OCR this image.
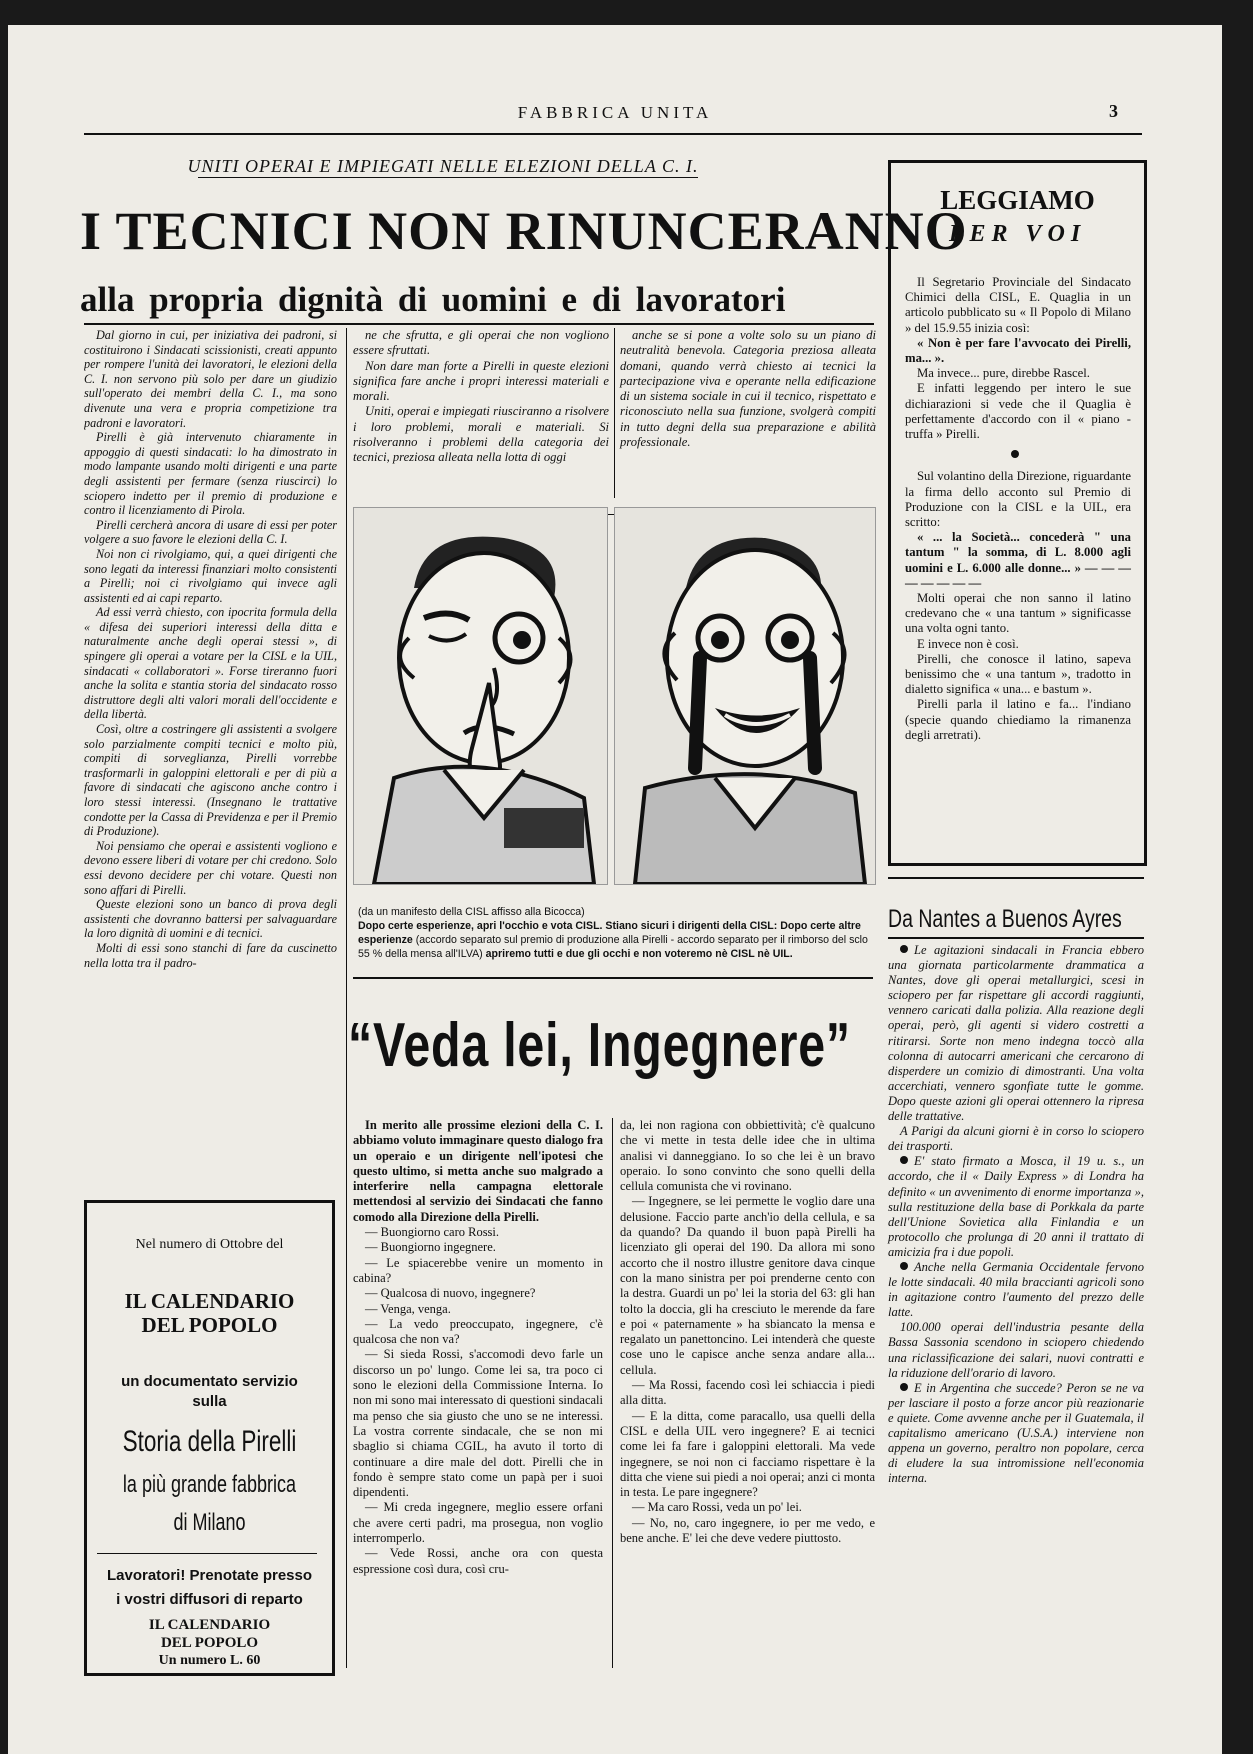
FABBRICA UNITA	3
UNITI OPERAI E IMPIEGATI NELLE ELEZIONI DELLA C. I.
I TECNICI NON RINUNCERANNO
alla propria dignità di uomini e di lavoratori

Dal giorno in cui, per iniziativa dei padroni, si costituirono i Sindacati scissionisti, creati appunto per rompere l'unità dei lavoratori, le elezioni della C. I. non servono più solo per dare un giudizio sull'operato dei membri della C. I., ma sono divenute una vera e propria competizione tra padroni e lavoratori.

Pirelli è già intervenuto chiaramente in appoggio di questi sindacati: lo ha dimostrato in modo lampante usando molti dirigenti e una parte degli assistenti per fermare (senza riuscirci) lo sciopero indetto per il premio di produzione e contro il licenziamento di Pirola.

Pirelli cercherà ancora di usare di essi per poter volgere a suo favore le elezioni della C. I.

Noi non ci rivolgiamo, qui, a quei dirigenti che sono legati da interessi finanziari molto consistenti a Pirelli; noi ci rivolgiamo qui invece agli assistenti ed ai capi reparto.

Ad essi verrà chiesto, con ipocrita formula della « difesa dei superiori interessi della ditta e naturalmente anche degli operai stessi », di spingere gli operai a votare per la CISL e la UIL, sindacati « collaboratori ». Forse tireranno fuori anche la solita e stantia storia del sindacato rosso distruttore degli alti valori morali dell'occidente e della libertà.

Così, oltre a costringere gli assistenti a svolgere solo parzialmente compiti tecnici e molto più, compiti di sorveglianza, Pirelli vorrebbe trasformarli in galoppini elettorali e per di più a favore di sindacati che agiscono anche contro i loro stessi interessi. (Insegnano le trattative condotte per la Cassa di Previdenza e per il Premio di Produzione).

Noi pensiamo che operai e assistenti vogliono e devono essere liberi di votare per chi credono. Solo essi devono decidere per chi votare. Questi non sono affari di Pirelli.

Queste elezioni sono un banco di prova degli assistenti che dovranno battersi per salvaguardare la loro dignità di uomini e di tecnici.

Molti di essi sono stanchi di fare da cuscinetto nella lotta tra il padro-

ne che sfrutta, e gli operai che non vogliono essere sfruttati.

Non dare man forte a Pirelli in queste elezioni significa fare anche i propri interessi materiali e morali.

Uniti, operai e impiegati riusciranno a risolvere i loro problemi, morali e materiali. Si risolveranno i problemi della categoria dei tecnici, preziosa alleata nella lotta di oggi

anche se si pone a volte solo su un piano di neutralità benevola. Categoria preziosa alleata domani, quando verrà chiesto ai tecnici la partecipazione viva e operante nella edificazione di un sistema sociale in cui il tecnico, rispettato e riconosciuto nella sua funzione, svolgerà compiti in tutto degni della sua preparazione e abilità professionale.

(da un manifesto della CISL affisso alla Bicocca)
Dopo certe esperienze, apri l'occhio e vota CISL. Stiano sicuri i dirigenti della CISL: Dopo certe altre esperienze (accordo separato sul premio di produzione alla Pirelli - accordo separato per il rimborso del sclo 55 % della mensa all'ILVA) apriremo tutti e due gli occhi e non voteremo nè CISL nè UIL.
“Veda lei, Ingegnere”

In merito alle prossime elezioni della C. I. abbiamo voluto immaginare questo dialogo fra un operaio e un dirigente nell'ipotesi che questo ultimo, si metta anche suo malgrado a interferire nella campagna elettorale mettendosi al servizio dei Sindacati che fanno comodo alla Direzione della Pirelli.

— Buongiorno caro Rossi.

— Buongiorno ingegnere.

— Le spiacerebbe venire un momento in cabina?

— Qualcosa di nuovo, ingegnere?

— Venga, venga.

— La vedo preoccupato, ingegnere, c'è qualcosa che non va?

— Si sieda Rossi, s'accomodi devo farle un discorso un po' lungo. Come lei sa, tra poco ci sono le elezioni della Commissione Interna. Io non mi sono mai interessato di questioni sindacali ma penso che sia giusto che uno se ne interessi. La vostra corrente sindacale, che se non mi sbaglio si chiama CGIL, ha avuto il torto di continuare a dire male del dott. Pirelli che in fondo è sempre stato come un papà per i suoi dipendenti.

— Mi creda ingegnere, meglio essere orfani che avere certi padri, ma prosegua, non voglio interromperlo.

— Vede Rossi, anche ora con questa espressione così dura, così cru-

da, lei non ragiona con obbiettività; c'è qualcuno che vi mette in testa delle idee che in ultima analisi vi danneggiano. Io so che lei è un bravo operaio. Io sono convinto che sono quelli della cellula comunista che vi rovinano.

— Ingegnere, se lei permette le voglio dare una delusione. Faccio parte anch'io della cellula, e sa da quando? Da quando il buon papà Pirelli ha licenziato gli operai del 190. Da allora mi sono accorto che il nostro illustre genitore dava cinque con la mano sinistra per poi prenderne cento con la destra. Guardi un po' lei la storia del 63: gli han tolto la doccia, gli ha cresciuto le merende da fare e poi « paternamente » ha sbiancato la mensa e regalato un panettoncino. Lei intenderà che queste cose uno le capisce anche senza andare alla... cellula.

— Ma Rossi, facendo così lei schiaccia i piedi alla ditta.

— E la ditta, come paracallo, usa quelli della CISL e della UIL vero ingegnere? E ai tecnici come lei fa fare i galoppini elettorali. Ma vede ingegnere, se noi non ci facciamo rispettare è la ditta che viene sui piedi a noi operai; anzi ci monta in testa. Le pare ingegnere?

— Ma caro Rossi, veda un po' lei.

— No, no, caro ingegnere, io per me vedo, e bene anche. E' lei che deve vedere piuttosto.

Nel numero di Ottobre del
IL CALENDARIO
DEL POPOLO
un documentato servizio
sulla
Storia della Pirelli
la più grande fabbrica
di Milano
Lavoratori! Prenotate presso
i vostri diffusori di reparto
IL CALENDARIO
DEL POPOLO
Un numero L. 60
LEGGIAMO
PER VOI

Il Segretario Provinciale del Sindacato Chimici della CISL, E. Quaglia in un articolo pubblicato su « Il Popolo di Milano » del 15.9.55 inizia così:

« Non è per fare l'avvocato dei Pirelli, ma... ».

Ma invece... pure, direbbe Rascel.

E infatti leggendo per intero le sue dichiarazioni si vede che il Quaglia è perfettamente d'accordo con il « piano - truffa » Pirelli.

Sul volantino della Direzione, riguardante la firma dello acconto sul Premio di Produzione con la CISL e la UIL, era scritto:

« ... la Società... concederà " una tantum " la somma, di L. 8.000 agli uomini e L. 6.000 alle donne... » — — — — — — — —

Molti operai che non sanno il latino credevano che « una tantum » significasse una volta ogni tanto.

E invece non è così.

Pirelli, che conosce il latino, sapeva benissimo che « una tantum », tradotto in dialetto significa « una... e bastum ».

Pirelli parla il latino e fa... l'indiano (specie quando chiediamo la rimanenza degli arretrati).

Da Nantes a Buenos Ayres

Le agitazioni sindacali in Francia ebbero una giornata particolarmente drammatica a Nantes, dove gli operai metallurgici, scesi in sciopero per far rispettare gli accordi raggiunti, vennero caricati dalla polizia. Alla reazione degli operai, però, gli agenti si videro costretti a ritirarsi. Sorte non meno indegna toccò alla colonna di autocarri americani che cercarono di disperdere un comizio di dimostranti. Una volta accerchiati, vennero sgonfiate tutte le gomme. Dopo queste azioni gli operai ottennero la ripresa delle trattative.

A Parigi da alcuni giorni è in corso lo sciopero dei trasporti.

E' stato firmato a Mosca, il 19 u. s., un accordo, che il « Daily Express » di Londra ha definito « un avvenimento di enorme importanza », sulla restituzione della base di Porkkala da parte dell'Unione Sovietica alla Finlandia e un protocollo che prolunga di 20 anni il trattato di amicizia fra i due popoli.

Anche nella Germania Occidentale fervono le lotte sindacali. 40 mila braccianti agricoli sono in agitazione contro l'aumento del prezzo delle latte.

100.000 operai dell'industria pesante della Bassa Sassonia scendono in sciopero chiedendo una riclassificazione dei salari, nuovi contratti e la riduzione dell'orario di lavoro.

E in Argentina che succede? Peron se ne va per lasciare il posto a forze ancor più reazionarie e quiete. Come avvenne anche per il Guatemala, il capitalismo americano (U.S.A.) interviene non appena un governo, peraltro non popolare, cerca di eludere la sua intromissione nell'economia interna.
